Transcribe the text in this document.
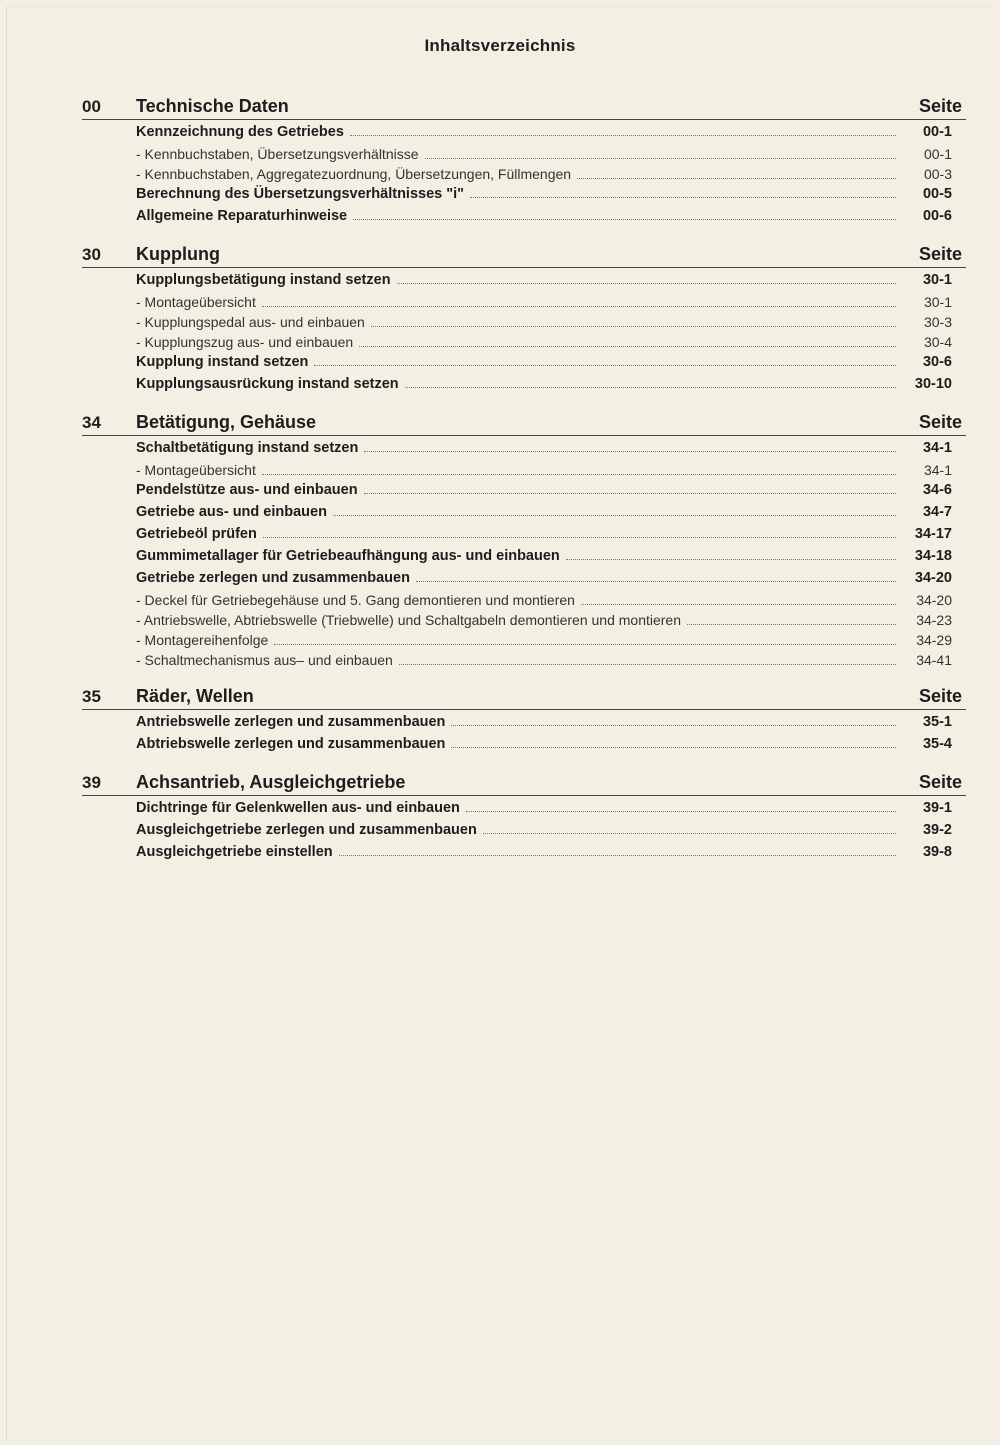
Inhaltsverzeichnis
00	Technische Daten	Seite
Kennzeichnung des Getriebes	00-1
- Kennbuchstaben, Übersetzungsverhältnisse	00-1
- Kennbuchstaben, Aggregatezuordnung, Übersetzungen, Füllmengen	00-3
Berechnung des Übersetzungsverhältnisses "i"	00-5
Allgemeine Reparaturhinweise	00-6
30	Kupplung	Seite
Kupplungsbetätigung instand setzen	30-1
- Montageübersicht	30-1
- Kupplungspedal aus- und einbauen	30-3
- Kupplungszug aus- und einbauen	30-4
Kupplung instand setzen	30-6
Kupplungsausrückung instand setzen	30-10
34	Betätigung, Gehäuse	Seite
Schaltbetätigung instand setzen	34-1
- Montageübersicht	34-1
Pendelstütze aus- und einbauen	34-6
Getriebe aus- und einbauen	34-7
Getriebeöl prüfen	34-17
Gummimetallager für Getriebeaufhängung aus- und einbauen	34-18
Getriebe zerlegen und zusammenbauen	34-20
- Deckel für Getriebegehäuse und 5. Gang demontieren und montieren	34-20
- Antriebswelle, Abtriebswelle (Triebwelle) und Schaltgabeln demontieren und montieren	34-23
- Montagereihenfolge	34-29
- Schaltmechanismus aus– und einbauen	34-41
35	Räder, Wellen	Seite
Antriebswelle zerlegen und zusammenbauen	35-1
Abtriebswelle zerlegen und zusammenbauen	35-4
39	Achsantrieb, Ausgleichgetriebe	Seite
Dichtringe für Gelenkwellen aus- und einbauen	39-1
Ausgleichgetriebe zerlegen und zusammenbauen	39-2
Ausgleichgetriebe einstellen	39-8
